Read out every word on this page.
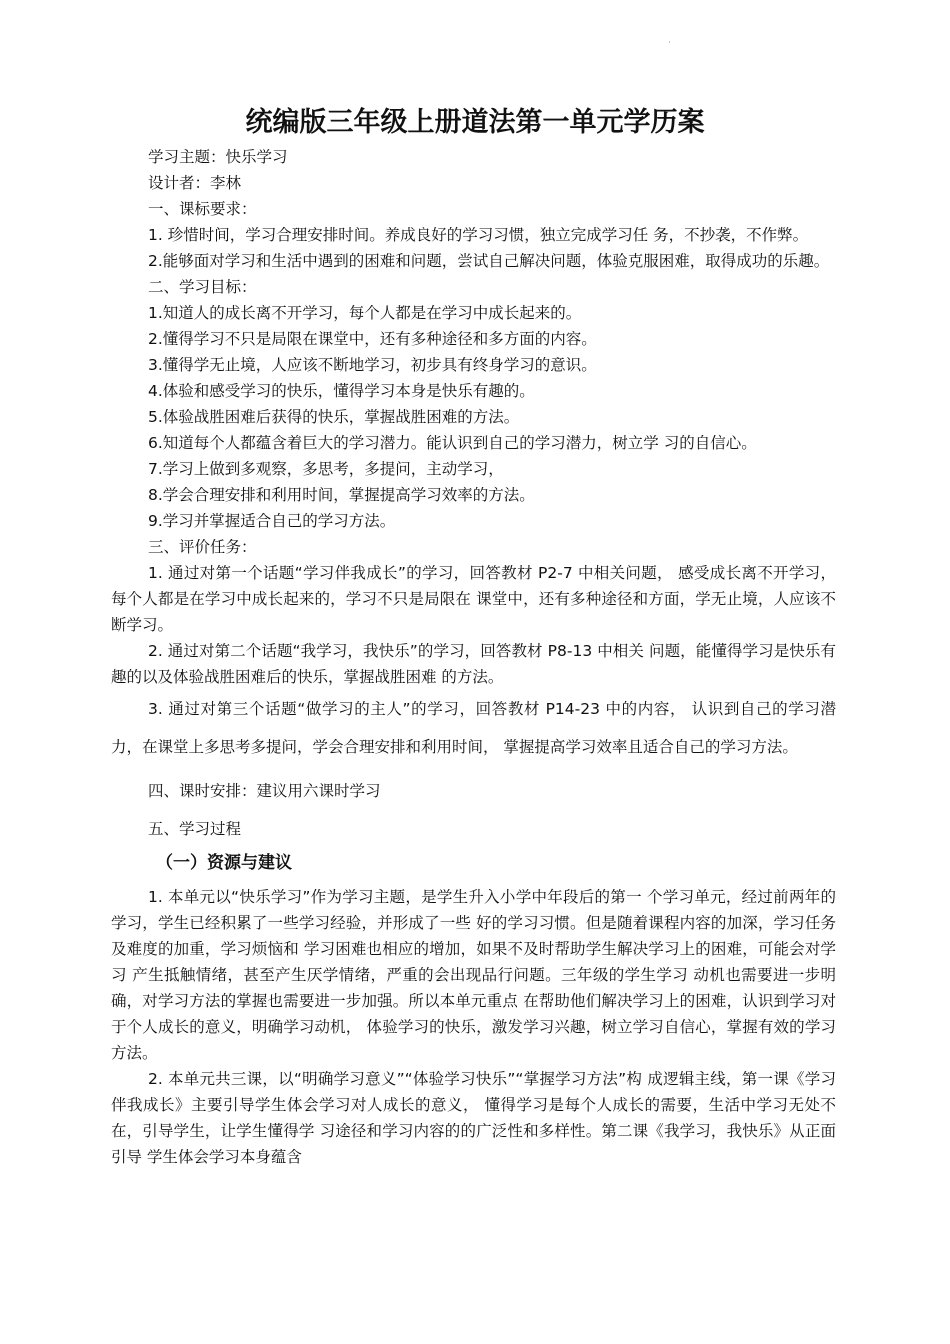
·
统编版三年级上册道法第一单元学历案

学习主题：快乐学习

设计者：李林

一、课标要求：

1. 珍惜时间，学习合理安排时间。养成良好的学习习惯，独立完成学习任 务，不抄袭，不作弊。

2.能够面对学习和生活中遇到的困难和问题，尝试自己解决问题，体验克服困难，取得成功的乐趣。

二、学习目标：

1.知道人的成长离不开学习，每个人都是在学习中成长起来的。

2.懂得学习不只是局限在课堂中，还有多种途径和多方面的内容。

3.懂得学无止境，人应该不断地学习，初步具有终身学习的意识。

4.体验和感受学习的快乐，懂得学习本身是快乐有趣的。

5.体验战胜困难后获得的快乐，掌握战胜困难的方法。

6.知道每个人都蕴含着巨大的学习潜力。能认识到自己的学习潜力，树立学 习的自信心。

7.学习上做到多观察，多思考，多提问，主动学习，

8.学会合理安排和利用时间，掌握提高学习效率的方法。

9.学习并掌握适合自己的学习方法。

三、评价任务：

1. 通过对第一个话题“学习伴我成长”的学习，回答教材 P2-7 中相关问题， 感受成长离不开学习，每个人都是在学习中成长起来的，学习不只是局限在 课堂中，还有多种途径和方面，学无止境，人应该不断学习。

2. 通过对第二个话题“我学习，我快乐”的学习，回答教材 P8-13 中相关 问题，能懂得学习是快乐有趣的以及体验战胜困难后的快乐，掌握战胜困难 的方法。

3. 通过对第三个话题“做学习的主人”的学习，回答教材 P14-23 中的内容， 认识到自己的学习潜力，在课堂上多思考多提问，学会合理安排和利用时间， 掌握提高学习效率且适合自己的学习方法。

四、课时安排：建议用六课时学习

五、学习过程

（一）资源与建议

1. 本单元以“快乐学习”作为学习主题，是学生升入小学中年段后的第一 个学习单元，经过前两年的学习，学生已经积累了一些学习经验，并形成了一些 好的学习习惯。但是随着课程内容的加深，学习任务及难度的加重，学习烦恼和 学习困难也相应的增加，如果不及时帮助学生解决学习上的困难，可能会对学习 产生抵触情绪，甚至产生厌学情绪，严重的会出现品行问题。三年级的学生学习 动机也需要进一步明确，对学习方法的掌握也需要进一步加强。所以本单元重点 在帮助他们解决学习上的困难，认识到学习对于个人成长的意义，明确学习动机， 体验学习的快乐，激发学习兴趣，树立学习自信心，掌握有效的学习方法。

2. 本单元共三课，以“明确学习意义”“体验学习快乐”“掌握学习方法”构 成逻辑主线，第一课《学习伴我成长》主要引导学生体会学习对人成长的意义， 懂得学习是每个人成长的需要，生活中学习无处不在，引导学生，让学生懂得学 习途径和学习内容的的广泛性和多样性。第二课《我学习，我快乐》从正面引导 学生体会学习本身蕴含
